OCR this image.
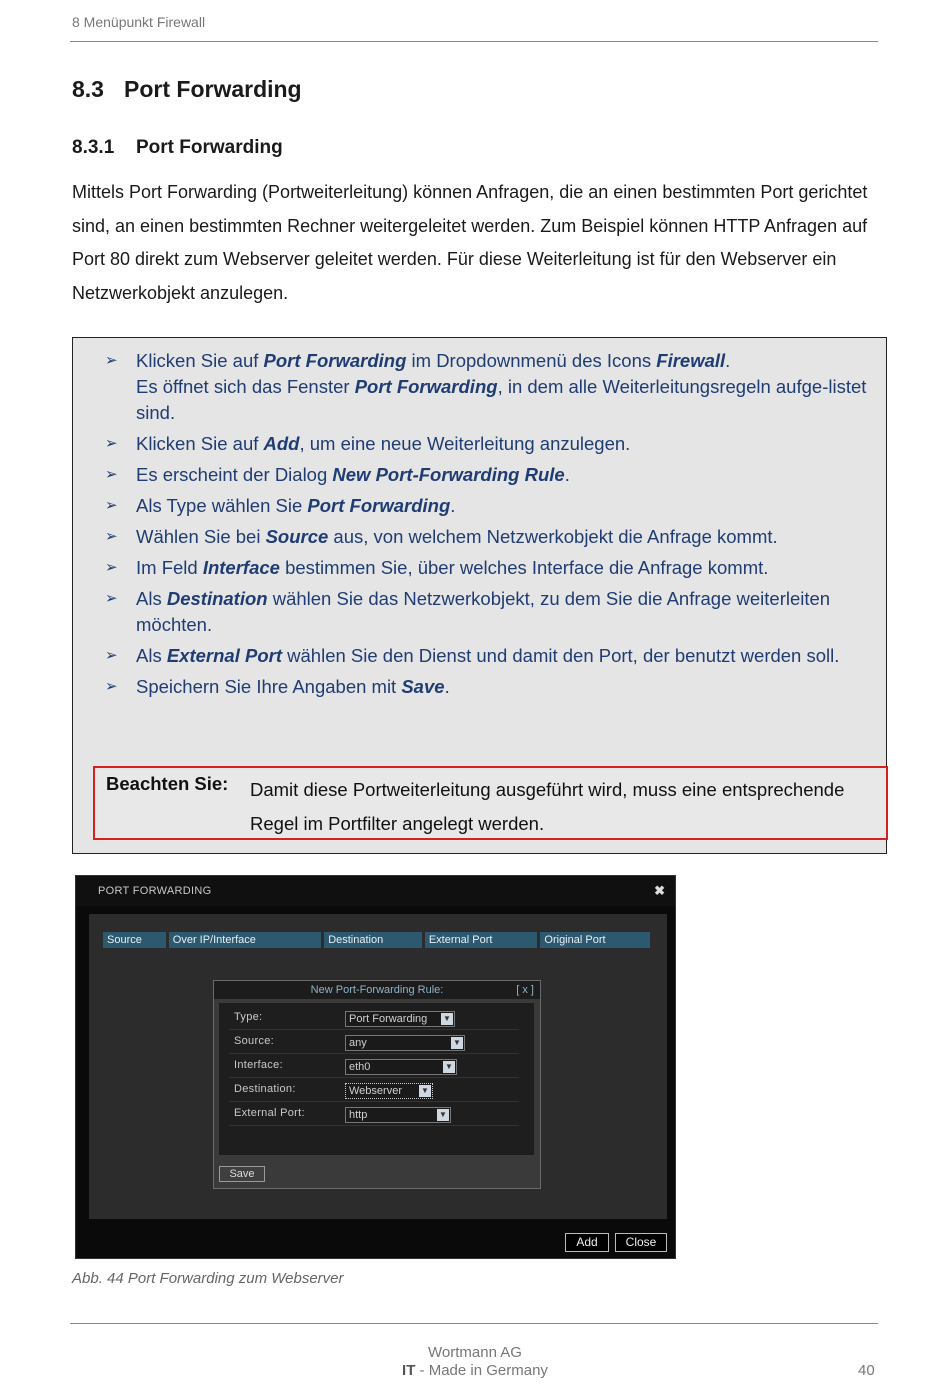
8 Menüpunkt Firewall
8.3 Port Forwarding
8.3.1 Port Forwarding

Mittels Port Forwarding (Portweiterleitung) können Anfragen, die an einen bestimmten Port gerichtet sind, an einen bestimmten Rechner weitergeleitet werden. Zum Beispiel können HTTP Anfragen auf Port 80 direkt zum Webserver geleitet werden. Für diese Weiterleitung ist für den Webserver ein Netzwerkobjekt anzulegen.

➢ Klicken Sie auf Port Forwarding im Dropdownmenü des Icons Firewall.
Es öffnet sich das Fenster Port Forwarding, in dem alle Weiterleitungsregeln aufge-listet sind.
➢ Klicken Sie auf Add, um eine neue Weiterleitung anzulegen.
➢ Es erscheint der Dialog New Port-Forwarding Rule.
➢ Als Type wählen Sie Port Forwarding.
➢ Wählen Sie bei Source aus, von welchem Netzwerkobjekt die Anfrage kommt.
➢ Im Feld Interface bestimmen Sie, über welches Interface die Anfrage kommt.
➢ Als Destination wählen Sie das Netzwerkobjekt, zu dem Sie die Anfrage weiterleiten möchten.
➢ Als External Port wählen Sie den Dienst und damit den Port, der benutzt werden soll.
➢ Speichern Sie Ihre Angaben mit Save.
Beachten Sie: Damit diese Portweiterleitung ausgeführt wird, muss eine entsprechende Regel im Portfilter angelegt werden.
PORT FORWARDING	✖
Source	Over IP/Interface	Destination	External Port	Original Port
New Port-Forwarding Rule:	[ x ]
Type:	Port Forwarding ▼
Source:	any	▼
Interface:	eth0	▼
Destination:	Webserver ▼
External Port:	http	▼
Save
Add	Close
Abb. 44 Port Forwarding zum Webserver
Wortmann AG
IT - Made in Germany	40
